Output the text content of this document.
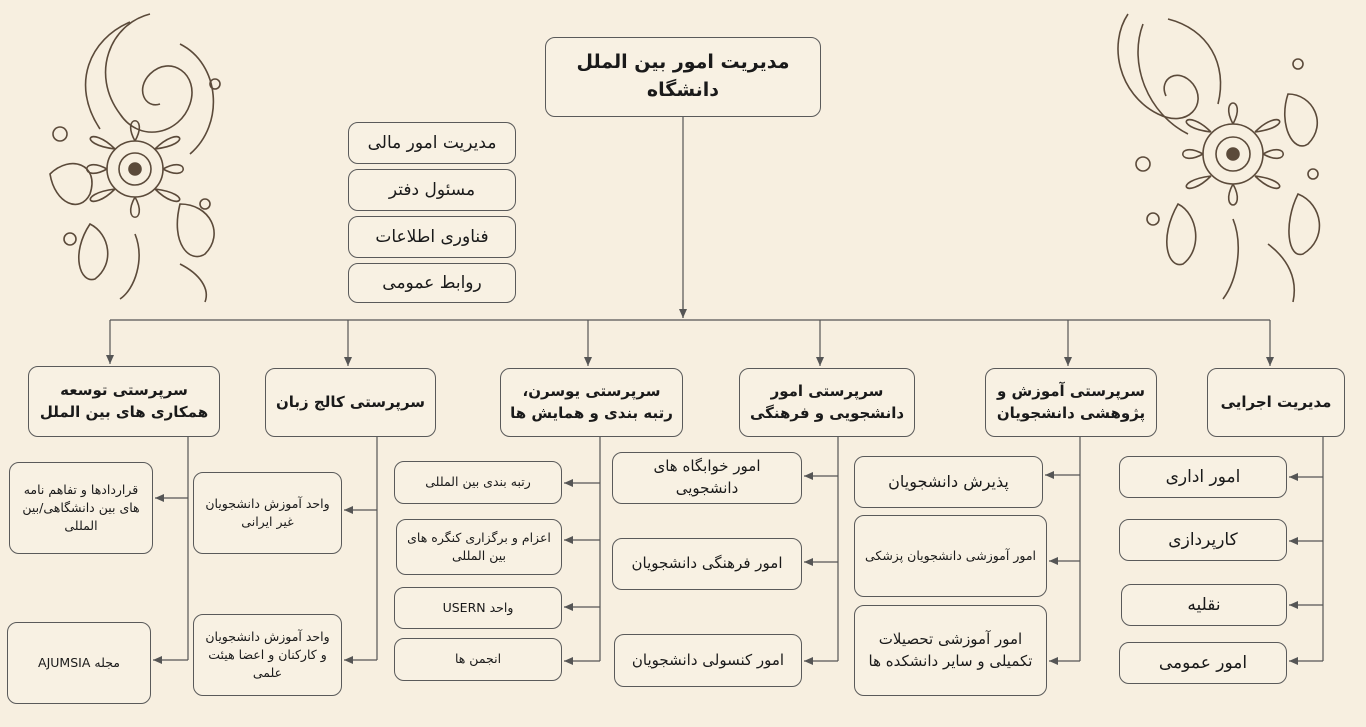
مدیریت امور بین الملل دانشگاه
مدیریت امور مالی
مسئول دفتر
فناوری اطلاعات
روابط عمومی
مدیریت اجرایی
سرپرستی آموزش و پژوهشی دانشجویان
سرپرستی امور دانشجویی و فرهنگی
سرپرستی یوسرن، رتبه بندی و همایش ها
سرپرستی کالج زبان
سرپرستی توسعه همکاری های بین الملل
امور اداری
کارپردازی
نقلیه
امور عمومی
پذیرش دانشجویان
امور آموزشی دانشجویان پزشکی
امور آموزشی تحصیلات تکمیلی و سایر دانشکده ها
امور خوابگاه های دانشجویی
امور فرهنگی دانشجویان
امور کنسولی دانشجویان
رتبه بندی بین المللی
اعزام و برگزاری کنگره های بین المللی
واحد USERN
انجمن ها
واحد آموزش دانشجویان غیر ایرانی
واحد آموزش دانشجویان و کارکنان و اعضا هیئت علمی
قراردادها و تفاهم نامه های بین دانشگاهی/بین المللی
مجله AJUMSIA
